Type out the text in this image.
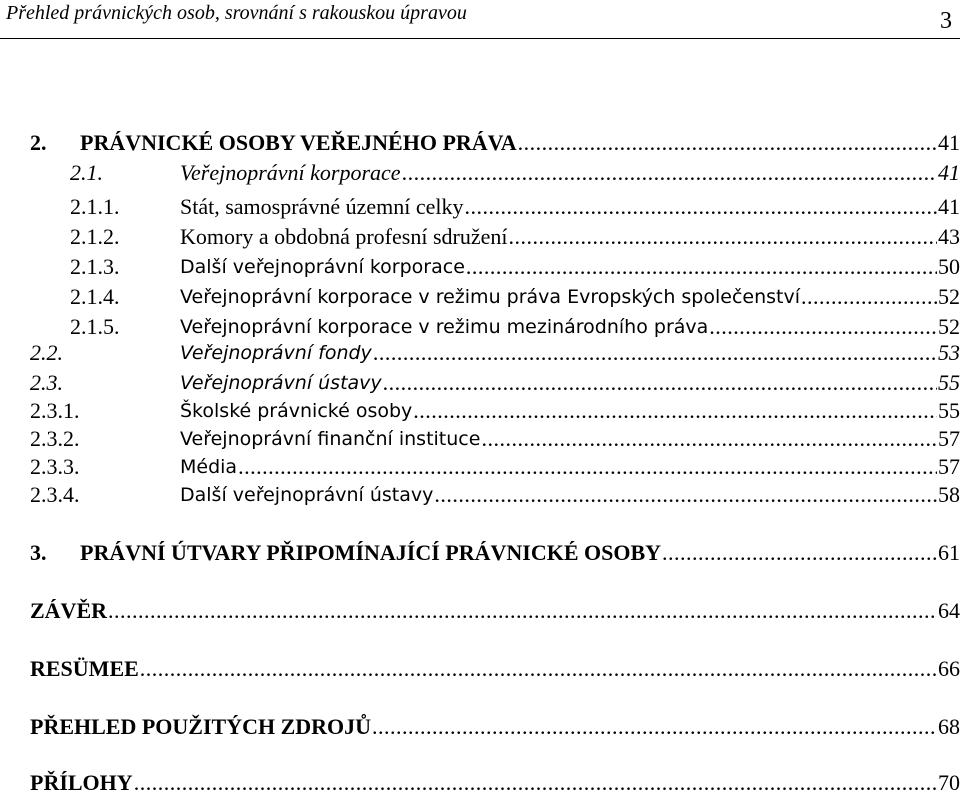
Přehled právnických osob, srovnání s rakouskou úpravou	3
2.	PRÁVNICKÉ OSOBY VEŘEJNÉHO PRÁVA .....	41
2.1.	Veřejnoprávní korporace .....	41
2.1.1.	Stát, samosprávné územní celky .....	41
2.1.2.	Komory a obdobná profesní sdružení .....	43
2.1.3.	Další veřejnoprávní korporace .....	50
2.1.4.	Veřejnoprávní korporace v režimu práva Evropských společenství .....	52
2.1.5.	Veřejnoprávní korporace v režimu mezinárodního práva .....	52
2.2.	Veřejnoprávní fondy .....	53
2.3.	Veřejnoprávní ústavy .....	55
2.3.1.	Školské právnické osoby .....	55
2.3.2.	Veřejnoprávní finanční instituce .....	57
2.3.3.	Média .....	57
2.3.4.	Další veřejnoprávní ústavy .....	58
3.	PRÁVNÍ ÚTVARY PŘIPOMÍNAJÍCÍ PRÁVNICKÉ OSOBY .....	61
ZÁVĚR .....	64
RESÜMEE .....	66
PŘEHLED POUŽITÝCH ZDROJŮ .....	68
PŘÍLOHY .....	70
